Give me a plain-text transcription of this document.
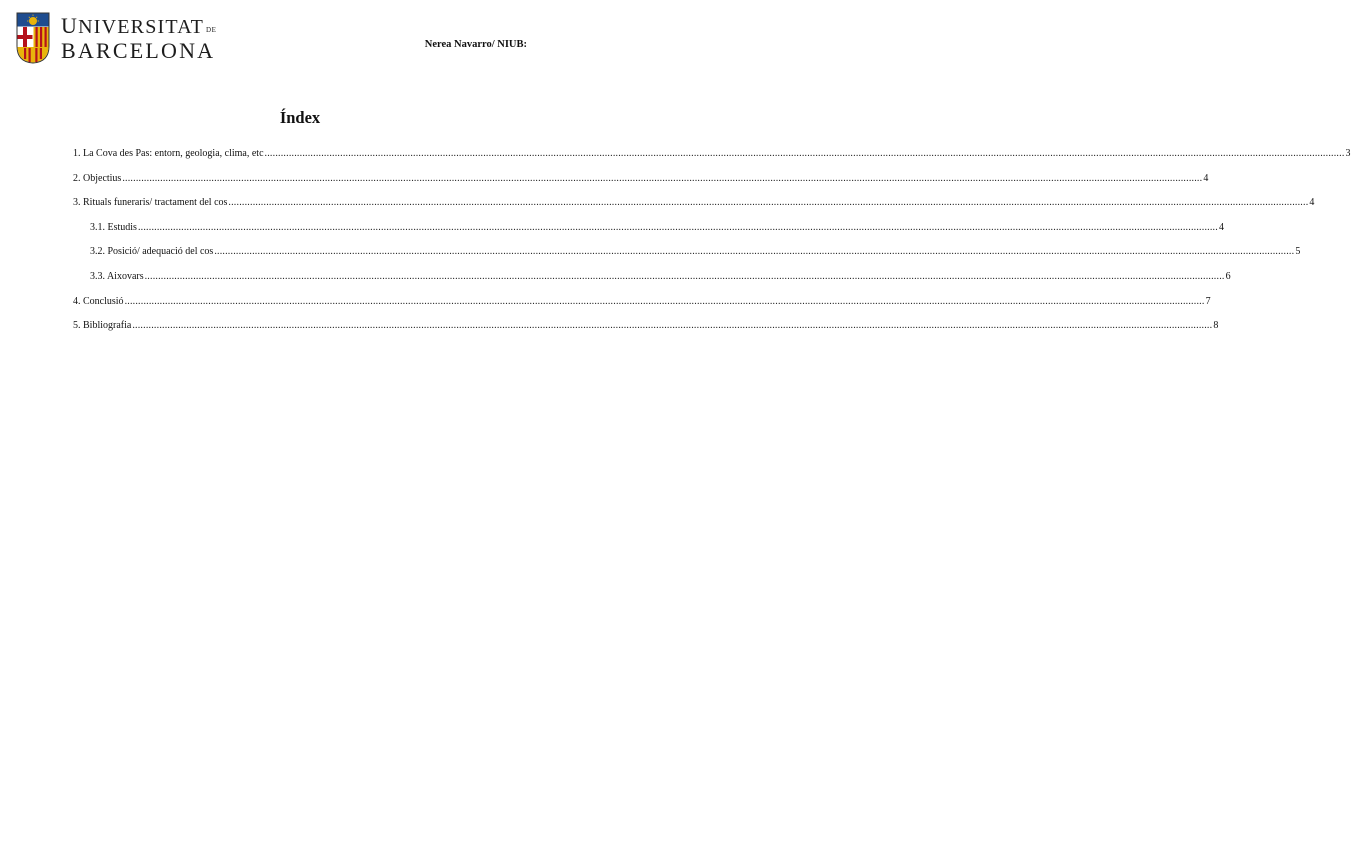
UNIVERSITAT DE
BARCELONA	Nerea Navarro/ NIUB:
Índex
1. La Cova des Pas: entorn, geologia, clima, etc ................................................................................................................................................................................................................................................................................................................................................................................................................ 3
2. Objectius ................................................................................................................................................................................................................................................................................................................................................................................................................ 4
3. Rituals funeraris/ tractament del cos ................................................................................................................................................................................................................................................................................................................................................................................................................ 4
3.1. Estudis ................................................................................................................................................................................................................................................................................................................................................................................................................ 4
3.2. Posició/ adequació del cos ................................................................................................................................................................................................................................................................................................................................................................................................................ 5
3.3. Aixovars ................................................................................................................................................................................................................................................................................................................................................................................................................ 6
4. Conclusió ................................................................................................................................................................................................................................................................................................................................................................................................................ 7
5. Bibliografia ................................................................................................................................................................................................................................................................................................................................................................................................................ 8
